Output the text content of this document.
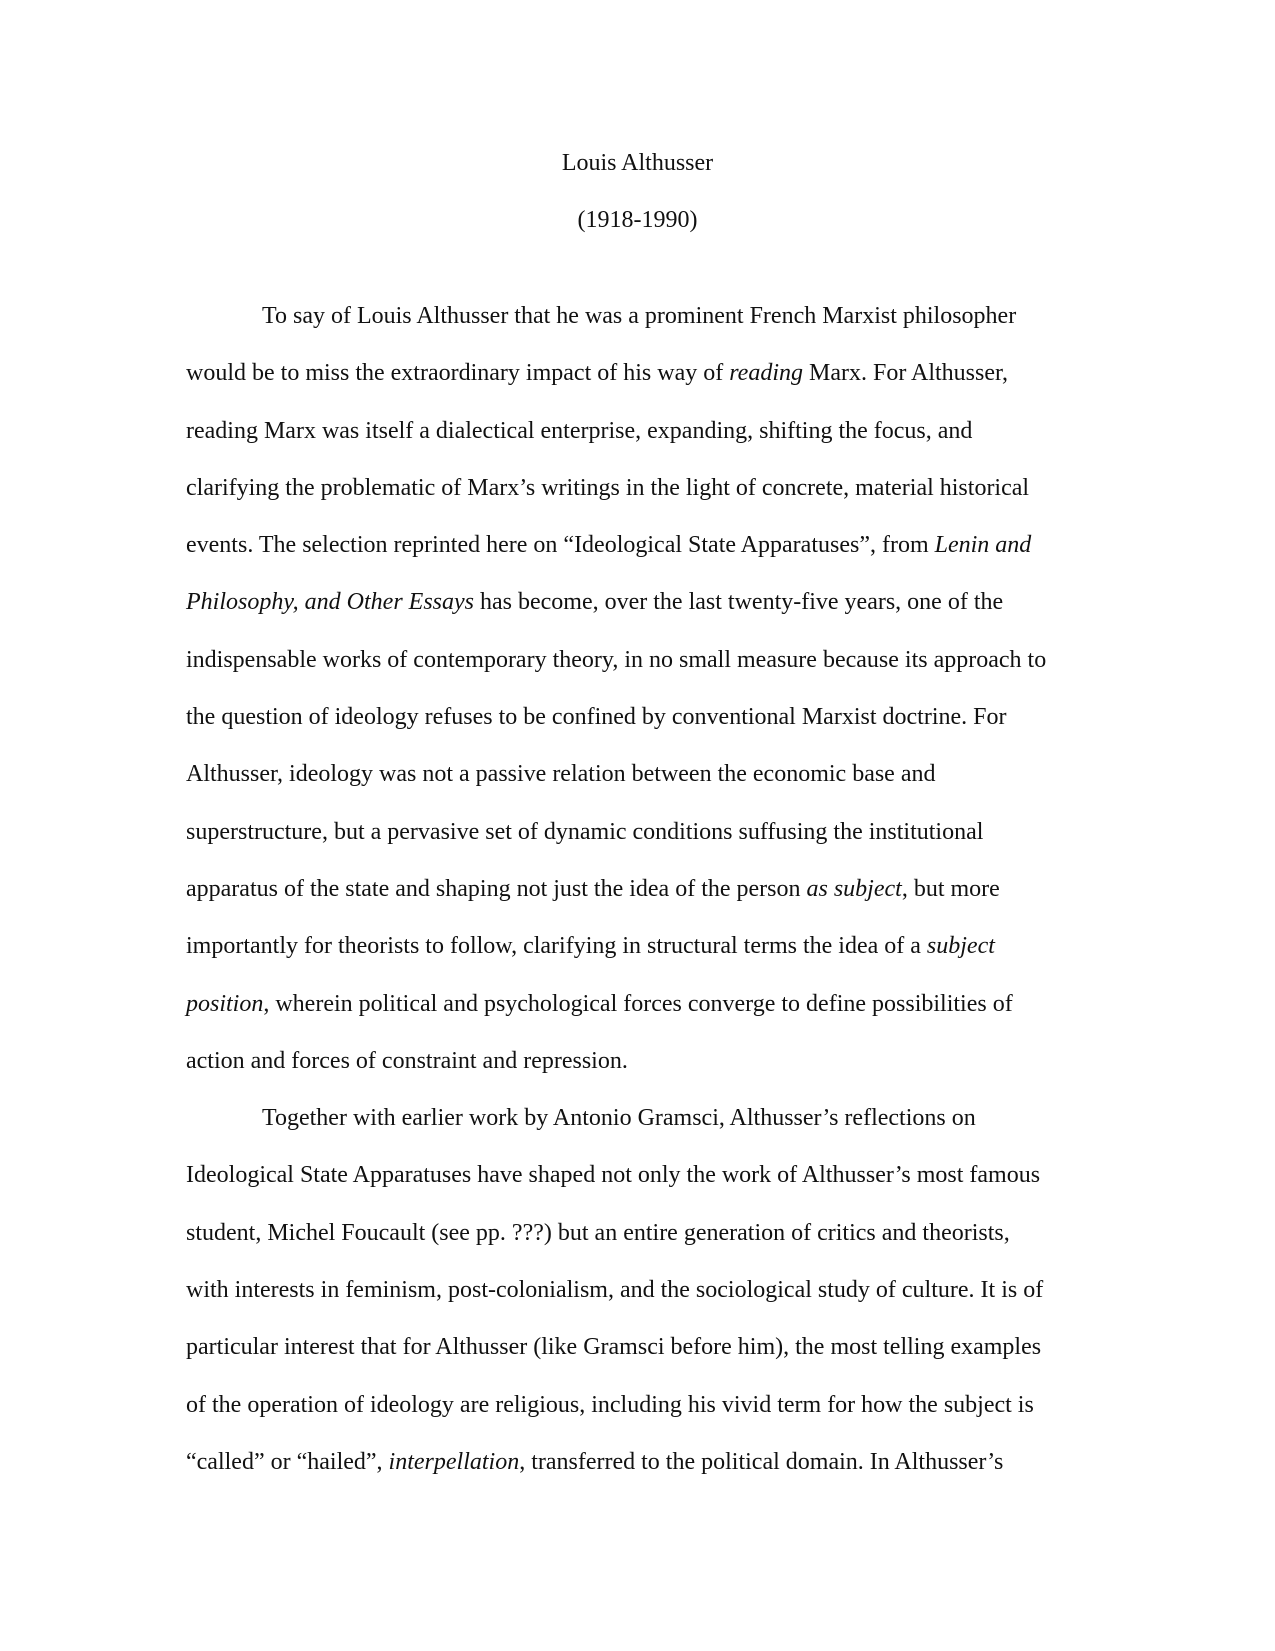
Louis Althusser
(1918-1990)
To say of Louis Althusser that he was a prominent French Marxist philosopher
would be to miss the extraordinary impact of his way of reading Marx. For Althusser,
reading Marx was itself a dialectical enterprise, expanding, shifting the focus, and
clarifying the problematic of Marx’s writings in the light of concrete, material historical
events. The selection reprinted here on “Ideological State Apparatuses”, from Lenin and
Philosophy, and Other Essays has become, over the last twenty-five years, one of the
indispensable works of contemporary theory, in no small measure because its approach to
the question of ideology refuses to be confined by conventional Marxist doctrine. For
Althusser, ideology was not a passive relation between the economic base and
superstructure, but a pervasive set of dynamic conditions suffusing the institutional
apparatus of the state and shaping not just the idea of the person as subject, but more
importantly for theorists to follow, clarifying in structural terms the idea of a subject
position, wherein political and psychological forces converge to define possibilities of
action and forces of constraint and repression.
Together with earlier work by Antonio Gramsci, Althusser’s reflections on
Ideological State Apparatuses have shaped not only the work of Althusser’s most famous
student, Michel Foucault (see pp. ???) but an entire generation of critics and theorists,
with interests in feminism, post-colonialism, and the sociological study of culture. It is of
particular interest that for Althusser (like Gramsci before him), the most telling examples
of the operation of ideology are religious, including his vivid term for how the subject is
“called” or “hailed”, interpellation, transferred to the political domain. In Althusser’s
